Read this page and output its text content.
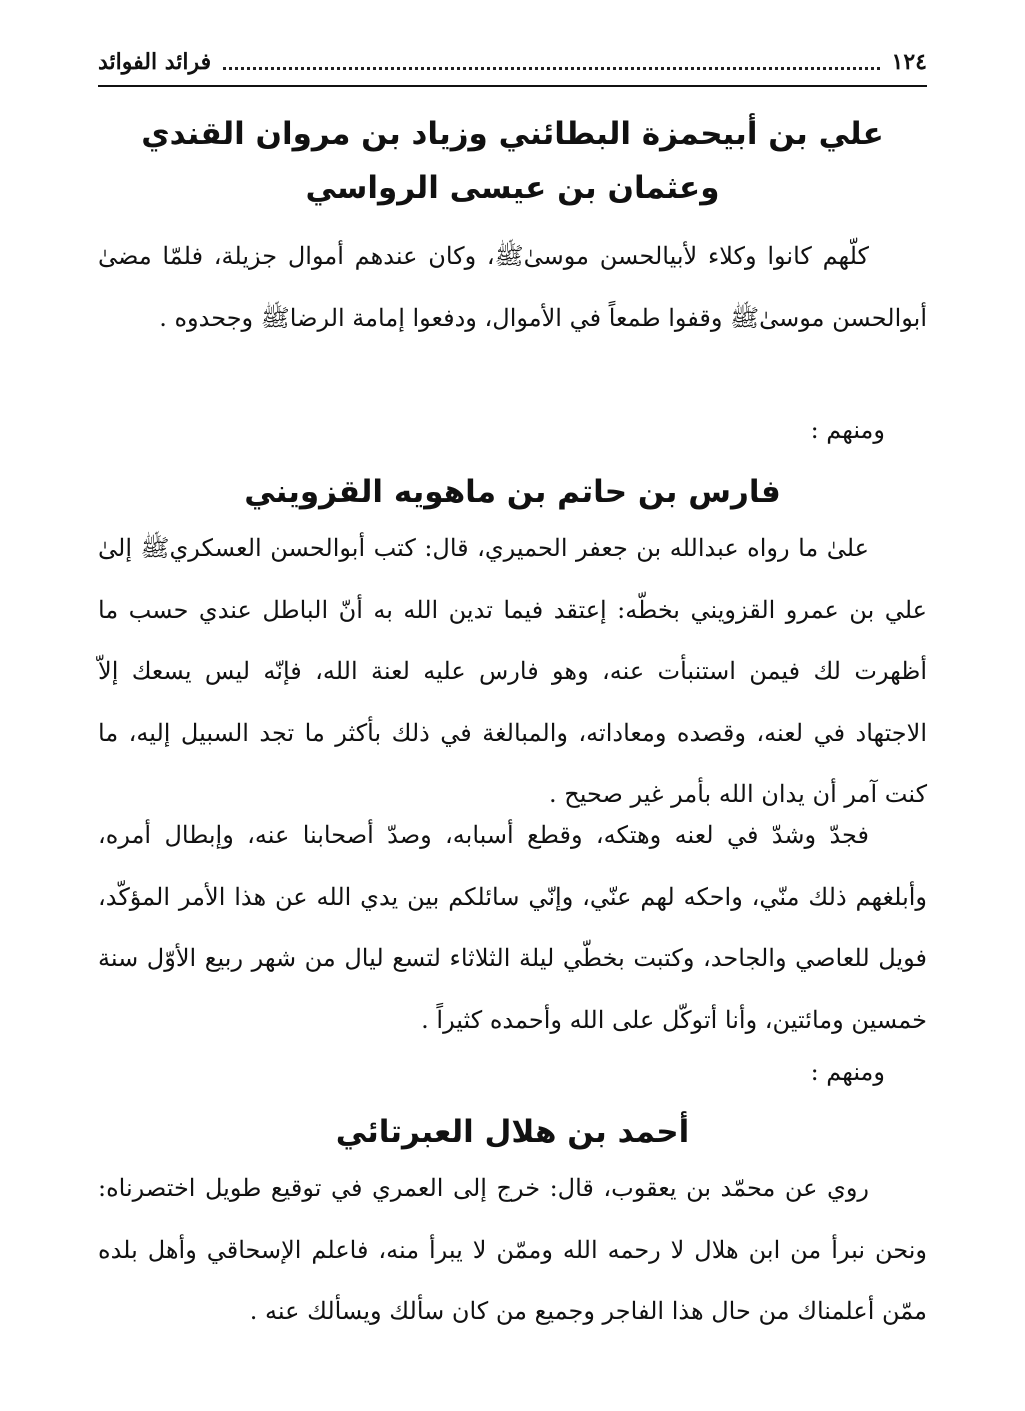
١٢٤
فرائد الفوائد
علي بن أبيحمزة البطائني وزياد بن مروان القندي
وعثمان بن عيسى الرواسي

كلّهم كانوا وكلاء لأبيالحسن موسىٰﷺ، وكان عندهم أموال جزيلة، فلمّا مضىٰ أبوالحسن موسىٰﷺ وقفوا طمعاً في الأموال، ودفعوا إمامة الرضاﷺ وجحدوه .

ومنهم :

فارس بن حاتم بن ماهويه القزويني

علىٰ ما رواه عبدالله بن جعفر الحميري، قال: كتب أبوالحسن العسكريﷺ إلىٰ علي بن عمرو القزويني بخطّه: إعتقد فيما تدين الله به أنّ الباطل عندي حسب ما أظهرت لك فيمن استنبأت عنه، وهو فارس عليه لعنة الله، فإنّه ليس يسعك إلاّ الاجتهاد في لعنه، وقصده ومعاداته، والمبالغة في ذلك بأكثر ما تجد السبيل إليه، ما كنت آمر أن يدان الله بأمر غير صحيح .

فجدّ وشدّ في لعنه وهتكه، وقطع أسبابه، وصدّ أصحابنا عنه، وإبطال أمره، وأبلغهم ذلك منّي، واحكه لهم عنّي، وإنّي سائلكم بين يدي الله عن هذا الأمر المؤكّد، فويل للعاصي والجاحد، وكتبت بخطّي ليلة الثلاثاء لتسع ليال من شهر ربيع الأوّل سنة خمسين ومائتين، وأنا أتوكّل على الله وأحمده كثيراً .

ومنهم :

أحمد بن هلال العبرتائي

روي عن محمّد بن يعقوب، قال: خرج إلى العمري في توقيع طويل اختصرناه: ونحن نبرأ من ابن هلال لا رحمه الله وممّن لا يبرأ منه، فاعلم الإسحاقي وأهل بلده ممّن أعلمناك من حال هذا الفاجر وجميع من كان سألك ويسألك عنه .
